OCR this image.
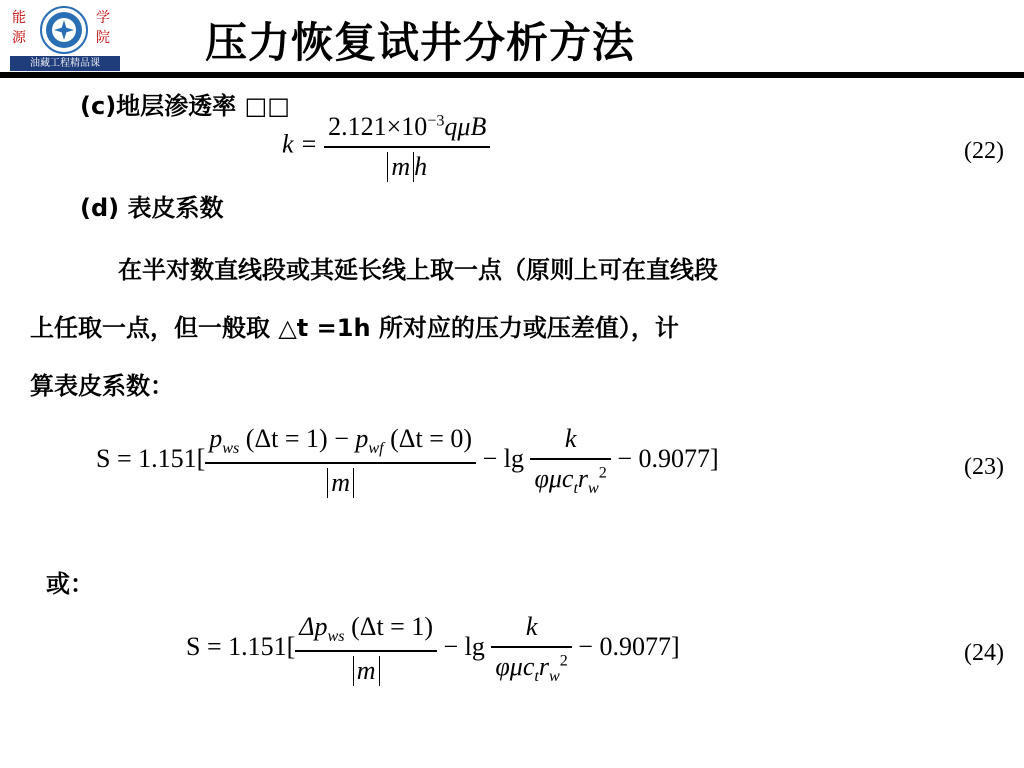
能
源
学
院
油藏工程精品课	压力恢复试井分析方法
(c)地层渗透率 □□
$k = \frac{2.121\times 10^{-3}q\mu B}{\text{m h}}$	(22)
(d) 表皮系数
在半对数直线段或其延长线上取一点（原则上可在直线段
上任取一点，但一般取 △t =1h 所对应的压力或压差值），计
算表皮系数：
$S = 1.151[ \frac{p_{ws} (\Delta t = 1) - p_{wf} (\Delta t = 0)}{m} - \lg \frac{k}{\varphi\mu c_tr_w^2} - 0.9077]$	(23)
或：
$S = 1.151[ \frac{\Delta p_{ws} (\Delta t = 1)}{m} - \lg \frac{k}{\varphi\mu c_tr_w^2} - 0.9077]$	(24)
